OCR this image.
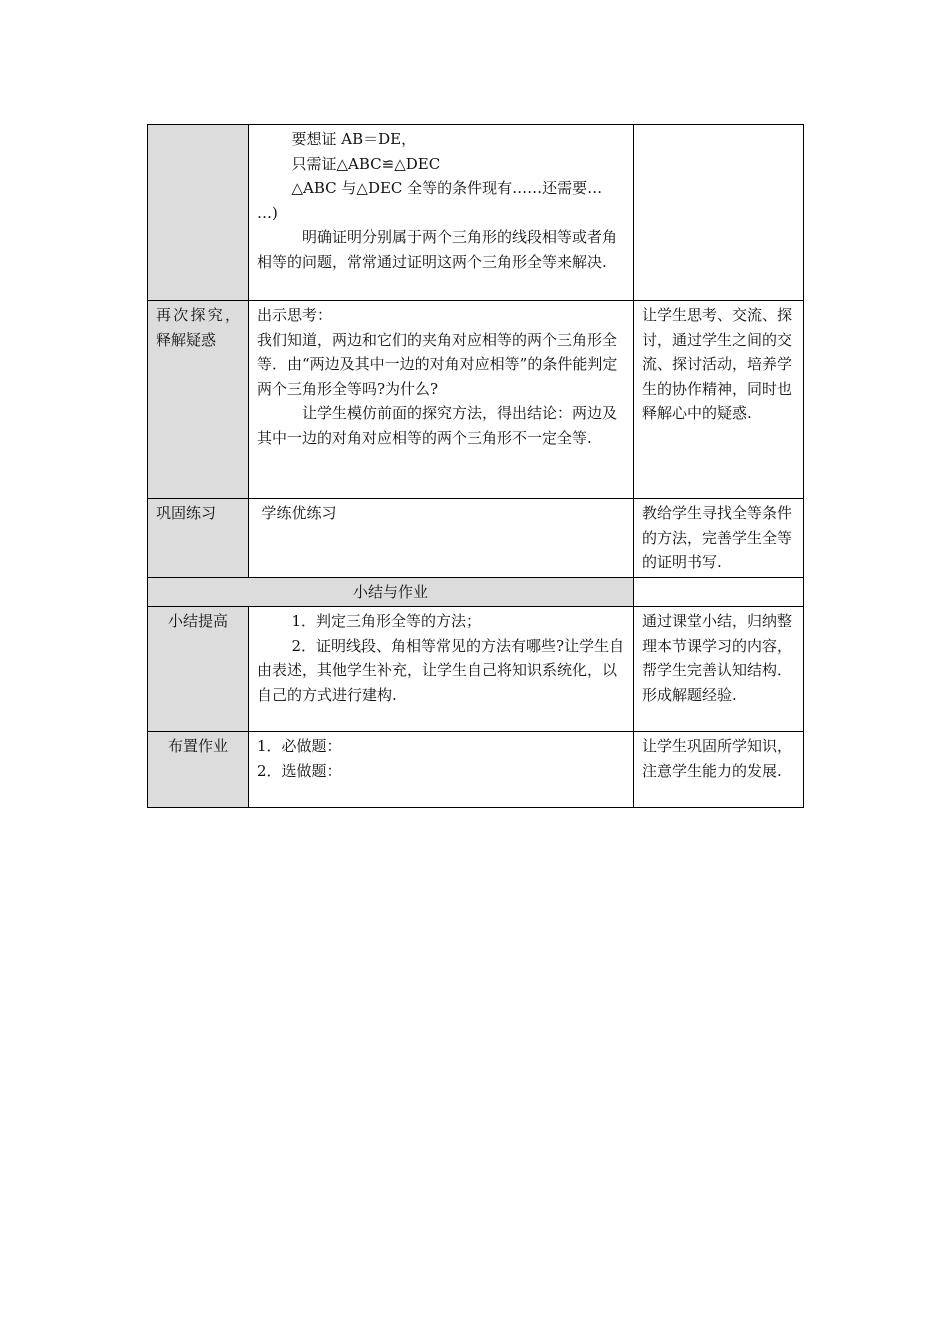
	要想证 AB＝DE，

只需证△ABC≌△DEC

△ABC 与△DEC 全等的条件现有……还需要…

…)

明确证明分别属于两个三角形的线段相等或者角相等的问题，常常通过证明这两个三角形全等来解决.	

再次探究，释解疑惑	出示思考：

我们知道，两边和它们的夹角对应相等的两个三角形全等．由“两边及其中一边的对角对应相等”的条件能判定两个三角形全等吗?为什么?

让学生模仿前面的探究方法，得出结论：两边及其中一边的对角对应相等的两个三角形不一定全等.	让学生思考、交流、探讨，通过学生之间的交流、探讨活动，培养学生的协作精神，同时也释解心中的疑惑.

巩固练习	学练优练习	教给学生寻找全等条件的方法，完善学生全等的证明书写.

小结与作业		

小结提高	1．判定三角形全等的方法；

2．证明线段、角相等常见的方法有哪些?让学生自由表述，其他学生补充，让学生自己将知识系统化，以自己的方式进行建构.	通过课堂小结，归纳整理本节课学习的内容，帮学生完善认知结构．形成解题经验.

布置作业	1．必做题：

2．选做题：	让学生巩固所学知识，注意学生能力的发展.
